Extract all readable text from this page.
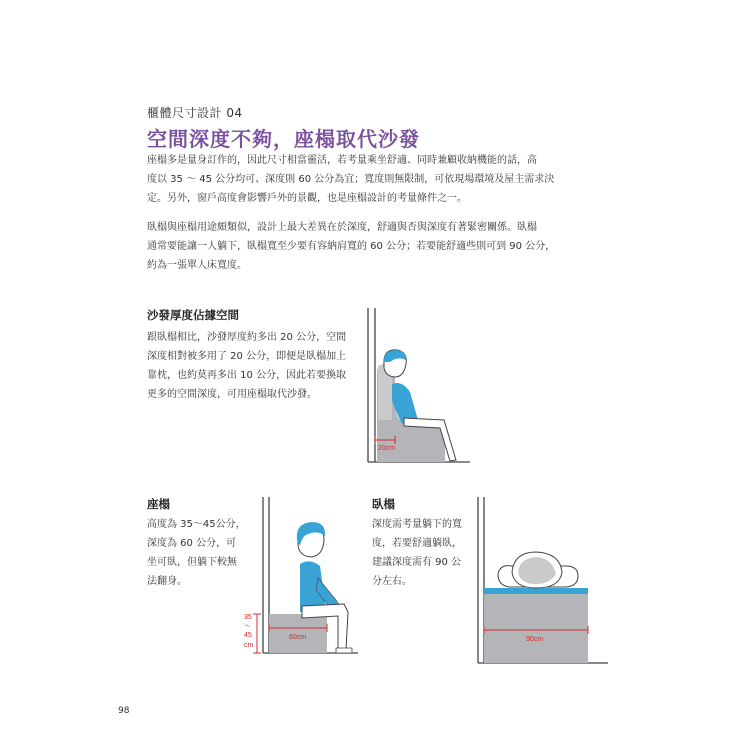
櫃體尺寸設計 04
空間深度不夠，座榻取代沙發
座榻多是量身訂作的，因此尺寸相當靈活，若考量乘坐舒適、同時兼顧收納機能的話，高
度以 35 ～ 45 公分均可、深度則 60 公分為宜；寬度則無限制，可依現場環境及屋主需求決
定。另外，窗戶高度會影響戶外的景觀，也是座榻設計的考量條件之一。
臥榻與座榻用途頗類似，設計上最大差異在於深度，舒適與否與深度有著緊密關係。臥榻
通常要能讓一人躺下，臥榻寬至少要有容納肩寬的 60 公分；若要能舒適些則可到 90 公分，
約為一張單人床寬度。
沙發厚度佔據空間
跟臥榻相比，沙發厚度約多出 20 公分，空間
深度相對被多用了 20 公分，即便是臥榻加上
靠枕，也約莫再多出 10 公分，因此若要換取
更多的空間深度，可用座榻取代沙發。
座榻
高度為 35～45公分，
深度為 60 公分，可
坐可臥，但躺下較無
法翻身。
臥榻
深度需考量躺下的寬
度，若要舒適躺臥，
建議深度需有 90 公
分左右。
20cm
60cm
35
～
45
cm
90cm
98
